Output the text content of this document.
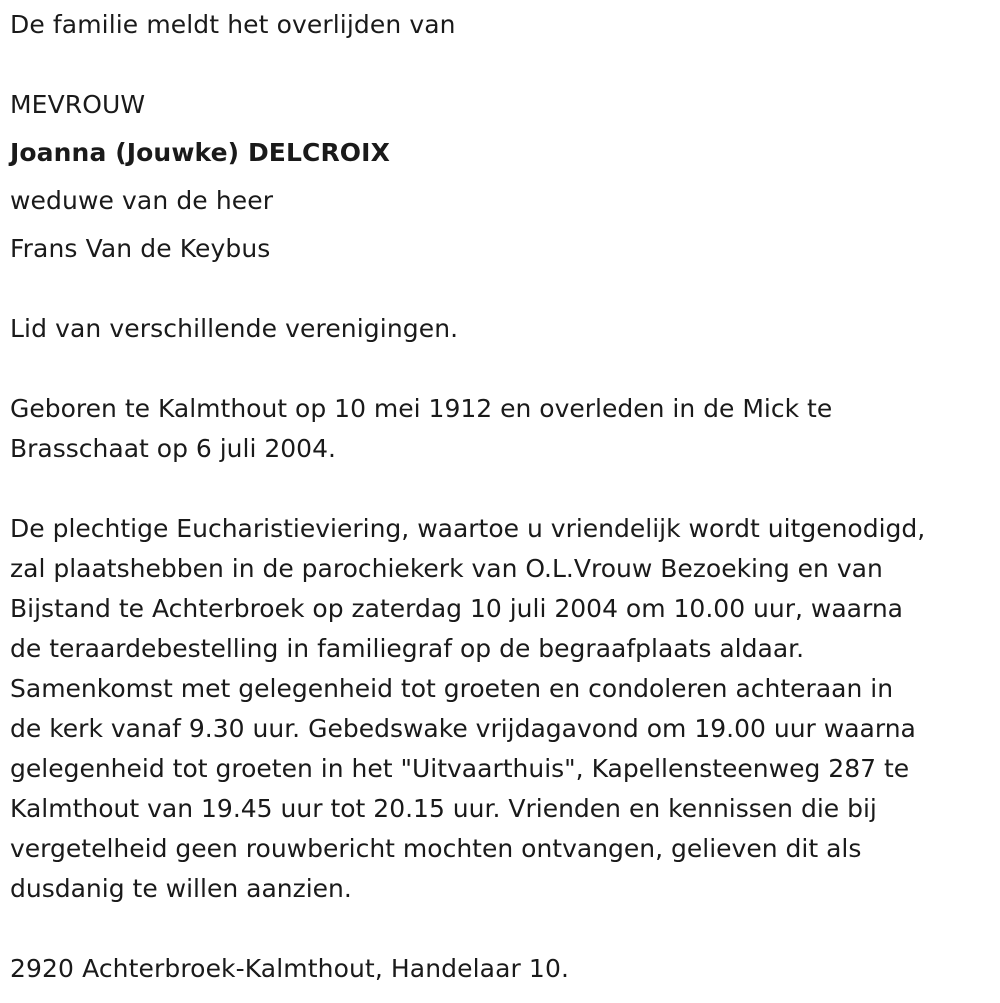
De familie meldt het overlijden van
MEVROUW
Joanna (Jouwke) DELCROIX
weduwe van de heer
Frans Van de Keybus
Lid van verschillende verenigingen.
Geboren te Kalmthout op 10 mei 1912 en overleden in de Mick te
Brasschaat op 6 juli 2004.
De plechtige Eucharistieviering, waartoe u vriendelijk wordt uitgenodigd,
zal plaatshebben in de parochiekerk van O.L.Vrouw Bezoeking en van
Bijstand te Achterbroek op zaterdag 10 juli 2004 om 10.00 uur, waarna
de teraardebestelling in familiegraf op de begraafplaats aldaar.
Samenkomst met gelegenheid tot groeten en condoleren achteraan in
de kerk vanaf 9.30 uur. Gebedswake vrijdagavond om 19.00 uur waarna
gelegenheid tot groeten in het "Uitvaarthuis", Kapellensteenweg 287 te
Kalmthout van 19.45 uur tot 20.15 uur. Vrienden en kennissen die bij
vergetelheid geen rouwbericht mochten ontvangen, gelieven dit als
dusdanig te willen aanzien.
2920 Achterbroek-Kalmthout, Handelaar 10.
